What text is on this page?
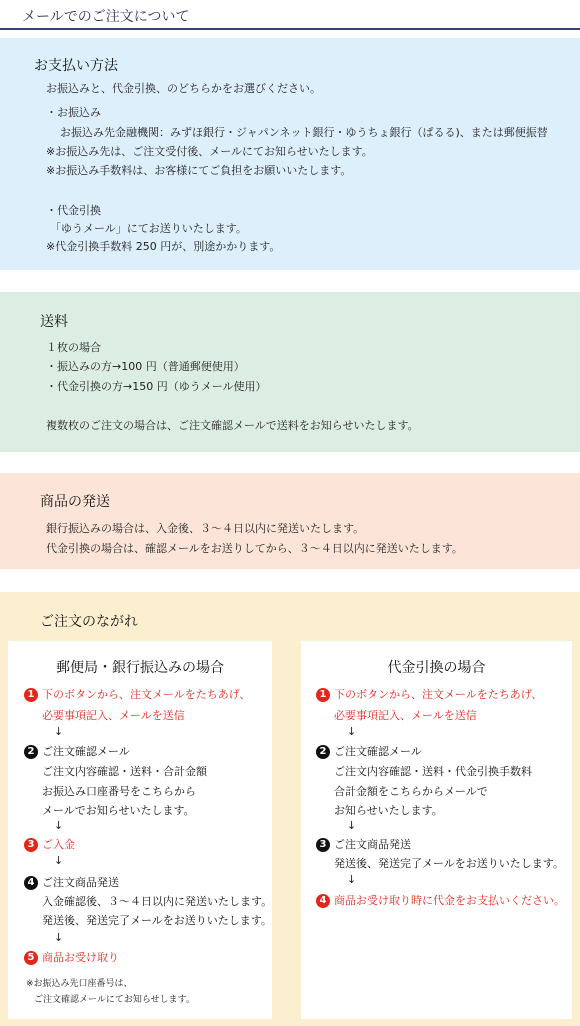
メールでのご注文について
お支払い方法
お振込みと、代金引換、のどちらかをお選びください。
・お振込み
お振込み先金融機関：みずほ銀行・ジャパンネット銀行・ゆうちょ銀行（ぱるる)、または郵便振替
※お振込み先は、ご注文受付後、メールにてお知らせいたします。
※お振込み手数料は、お客様にてご負担をお願いいたします。
・代金引換
「ゆうメール」にてお送りいたします。
※代金引換手数料 250 円が、別途かかります。
送料
１枚の場合
・振込みの方→100 円（普通郵便使用）
・代金引換の方→150 円（ゆうメール使用）
複数枚のご注文の場合は、ご注文確認メールで送料をお知らせいたします。
商品の発送
銀行振込みの場合は、入金後、３～４日以内に発送いたします。
代金引換の場合は、確認メールをお送りしてから、３～４日以内に発送いたします。
ご注文のながれ
郵便局・銀行振込みの場合
1 下のボタンから、注文メールをたちあげ、
必要事項記入、メールを送信
↓
2 ご注文確認メール
ご注文内容確認・送料・合計金額
お振込み口座番号をこちらから
メールでお知らせいたします。
↓
3 ご入金
↓
4 ご注文商品発送
入金確認後、３～４日以内に発送いたします。
発送後、発送完了メールをお送りいたします。
↓
5 商品お受け取り
※お振込み先口座番号は、
ご注文確認メールにてお知らせします。
代金引換の場合
1 下のボタンから、注文メールをたちあげ、
必要事項記入、メールを送信
↓
2 ご注文確認メール
ご注文内容確認・送料・代金引換手数料
合計金額をこちらからメールで
お知らせいたします。
↓
3 ご注文商品発送
発送後、発送完了メールをお送りいたします。
↓
4 商品お受け取り時に代金をお支払いください。
